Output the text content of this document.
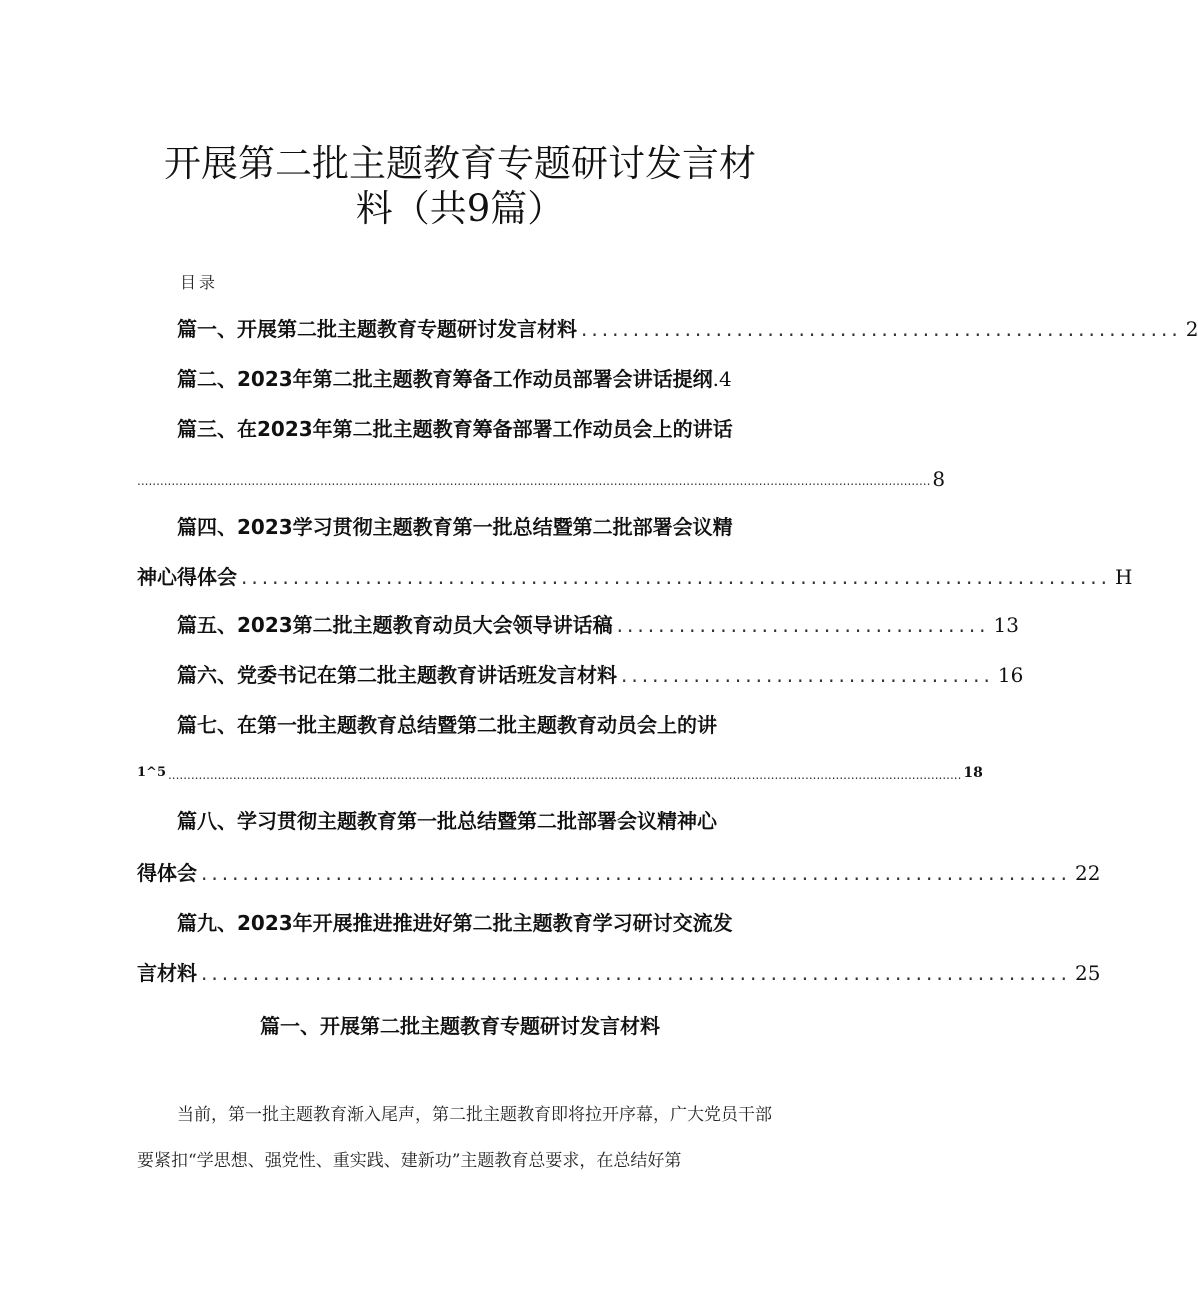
开展第二批主题教育专题研讨发言材
料（共9篇）
目录
篇一、开展第二批主题教育专题研讨发言材料 .......................................................... 2
篇二、2023年第二批主题教育筹备工作动员部署会讲话提纲 .4
篇三、在2023年第二批主题教育筹备部署工作动员会上的讲话
................................................................................................................................................................................................................ 8
篇四、2023学习贯彻主题教育第一批总结暨第二批部署会议精
神心得体会 .................................................................................... H
篇五、2023第二批主题教育动员大会领导讲话稿 .................................... 13
篇六、党委书记在第二批主题教育讲话班发言材料 .................................... 16
篇七、在第一批主题教育总结暨第二批主题教育动员会上的讲
1^5 ................................................................................................................................................................................................................ 18
篇八、学习贯彻主题教育第一批总结暨第二批部署会议精神心
得体会 .................................................................................... 22
篇九、2023年开展推进推进好第二批主题教育学习研讨交流发
言材料 .................................................................................... 25
篇一、开展第二批主题教育专题研讨发言材料

当前，第一批主题教育渐入尾声，第二批主题教育即将拉开序幕，广大党员干部要紧扣“学思想、强党性、重实践、建新功”主题教育总要求，在总结好第
